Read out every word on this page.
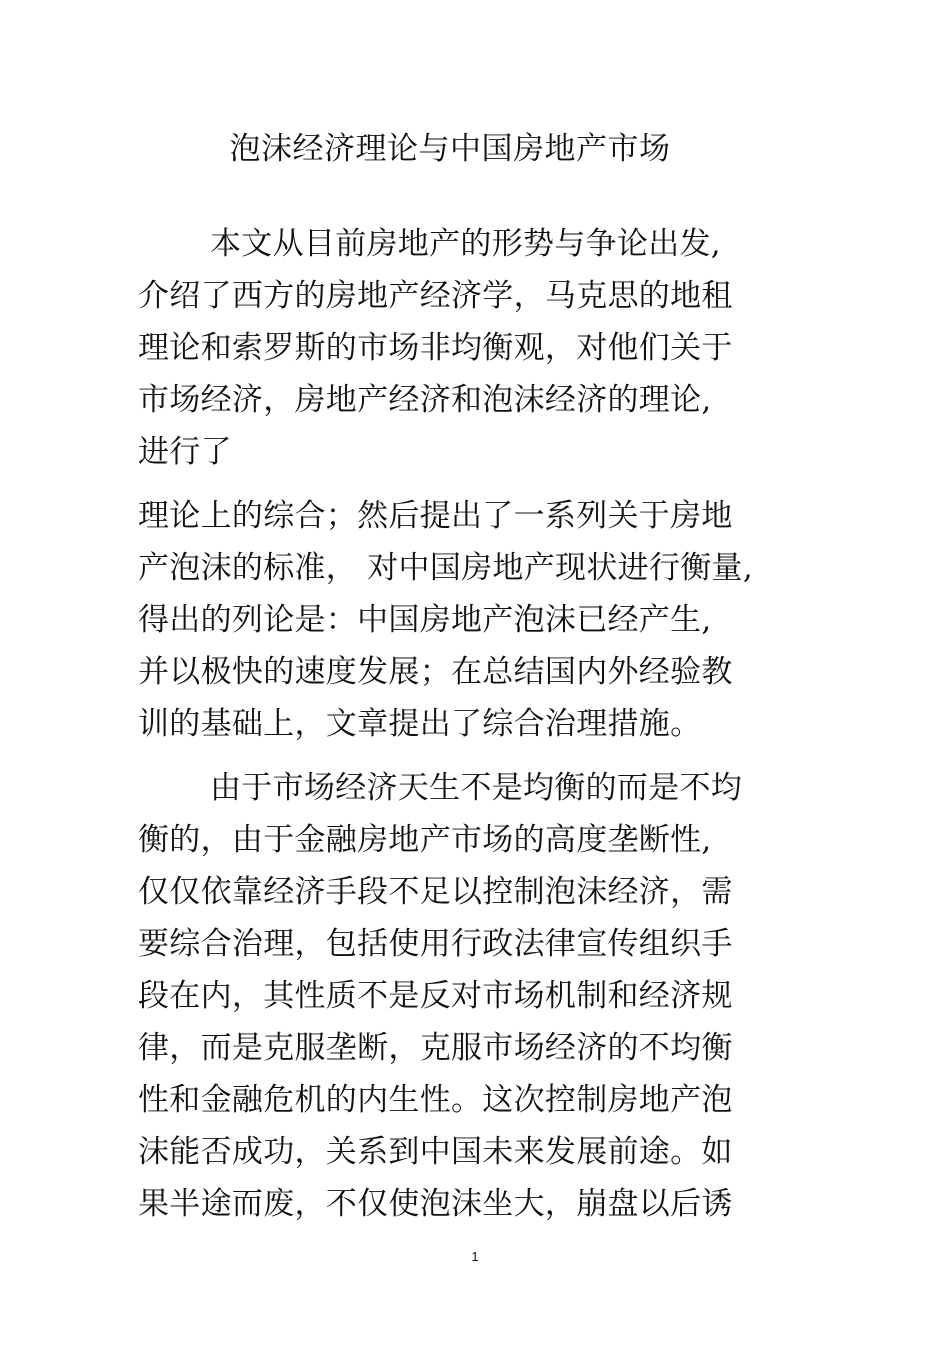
泡沫经济理论与中国房地产市场
本文从目前房地产的形势与争论出发,
介绍了西方的房地产经济学，马克思的地租
理论和索罗斯的市场非均衡观，对他们关于
市场经济，房地产经济和泡沫经济的理论,
进行了
理论上的综合；然后提出了一系列关于房地
产泡沫的标准， 对中国房地产现状进行衡量,
得出的列论是：中国房地产泡沫已经产生,
并以极快的速度发展；在总结国内外经验教
训的基础上，文章提出了综合治理措施。
由于市场经济天生不是均衡的而是不均
衡的，由于金融房地产市场的高度垄断性,
仅仅依靠经济手段不足以控制泡沫经济，需
要综合治理，包括使用行政法律宣传组织手
段在内，其性质不是反对市场机制和经济规
律，而是克服垄断，克服市场经济的不均衡
性和金融危机的内生性。这次控制房地产泡
沫能否成功，关系到中国未来发展前途。如
果半途而废，不仅使泡沫坐大，崩盘以后诱
1
